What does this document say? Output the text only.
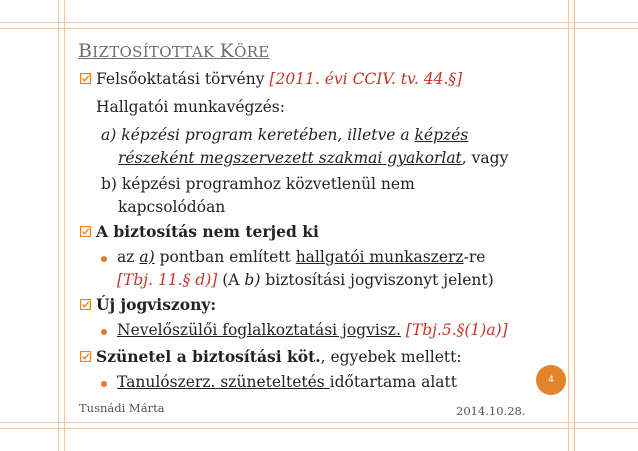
BIZTOSÍTOTTAK KÖRE
Felsőoktatási törvény [2011. évi CCIV. tv. 44.§]
Hallgatói munkavégzés:
a) képzési program keretében, illetve a képzés
részeként megszervezett szakmai gyakorlat, vagy
b) képzési programhoz közvetlenül nem
kapcsolódóan
A biztosítás nem terjed ki
az a) pontban említett hallgatói munkaszerz-re
[Tbj. 11.§ d)] (A b) biztosítási jogviszonyt jelent)
Új jogviszony:
Nevelőszülői foglalkoztatási jogvisz. [Tbj.5.§(1)a)]
Szünetel a biztosítási köt., egyebek mellett:
Tanulószerz. szüneteltetés időtartama alatt	4
Tusnádi Márta	2014.10.28.
